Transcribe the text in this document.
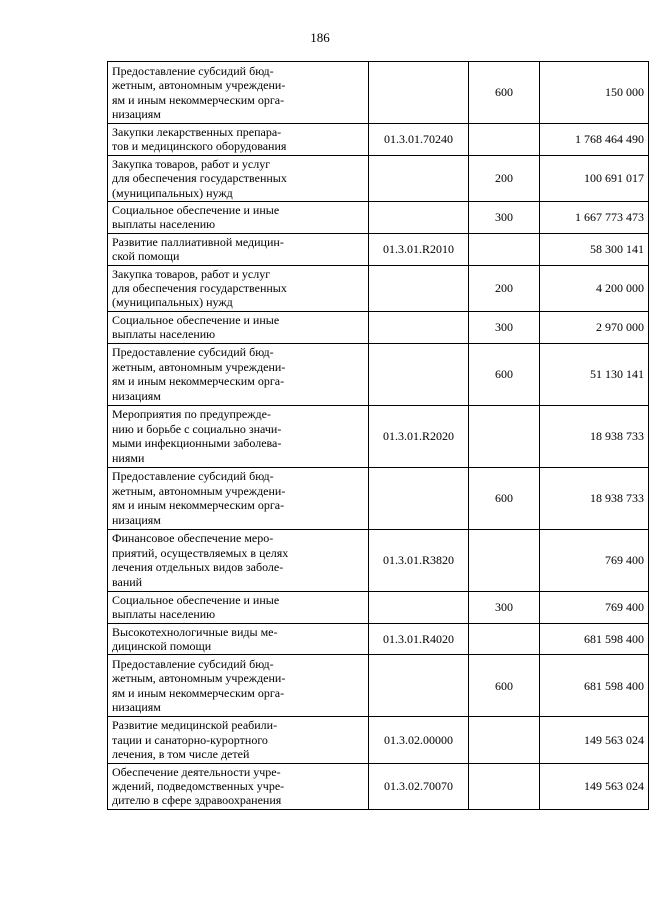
186
Предоставление субсидий бюд-
жетным, автономным учреждени-
ям и иным некоммерческим орга-
низациям		600	150 000

Закупки лекарственных препара-
тов и медицинского оборудования	01.3.01.70240		1 768 464 490

Закупка товаров, работ и услуг
для обеспечения государственных
(муниципальных) нужд		200	100 691 017

Социальное обеспечение и иные
выплаты населению		300	1 667 773 473

Развитие паллиативной медицин-
ской помощи	01.3.01.R2010		58 300 141

Закупка товаров, работ и услуг
для обеспечения государственных
(муниципальных) нужд		200	4 200 000

Социальное обеспечение и иные
выплаты населению		300	2 970 000

Предоставление субсидий бюд-
жетным, автономным учреждени-
ям и иным некоммерческим орга-
низациям		600	51 130 141

Мероприятия по предупрежде-
нию и борьбе с социально значи-
мыми инфекционными заболева-
ниями	01.3.01.R2020		18 938 733

Предоставление субсидий бюд-
жетным, автономным учреждени-
ям и иным некоммерческим орга-
низациям		600	18 938 733

Финансовое обеспечение меро-
приятий, осуществляемых в целях
лечения отдельных видов заболе-
ваний	01.3.01.R3820		769 400

Социальное обеспечение и иные
выплаты населению		300	769 400

Высокотехнологичные виды ме-
дицинской помощи	01.3.01.R4020		681 598 400

Предоставление субсидий бюд-
жетным, автономным учреждени-
ям и иным некоммерческим орга-
низациям		600	681 598 400

Развитие медицинской реабили-
тации и санаторно-курортного
лечения, в том числе детей	01.3.02.00000		149 563 024

Обеспечение деятельности учре-
ждений, подведомственных учре-
дителю в сфере здравоохранения	01.3.02.70070		149 563 024
